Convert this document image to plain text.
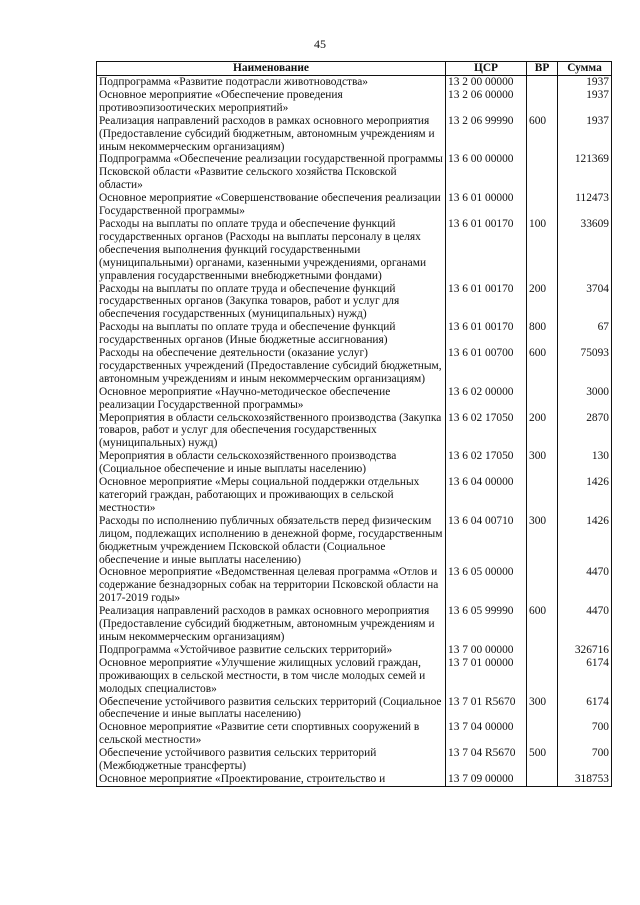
45
Наименование	ЦСР	ВР	Сумма
Подпрограмма «Развитие подотрасли животноводства»	13 2 00 00000		1937
Основное мероприятие «Обеспечение проведения противоэпизоотических мероприятий»	13 2 06 00000		1937
Реализация направлений расходов в рамках основного мероприятия (Предоставление субсидий бюджетным, автономным учреждениям и иным некоммерческим организациям)	13 2 06 99990	600	1937
Подпрограмма «Обеспечение реализации государственной программы Псковской области «Развитие сельского хозяйства Псковской области»	13 6 00 00000		121369
Основное мероприятие «Совершенствование обеспечения реализации Государственной программы»	13 6 01 00000		112473
Расходы на выплаты по оплате труда и обеспечение функций государственных органов (Расходы на выплаты персоналу в целях обеспечения выполнения функций государственными (муниципальными) органами, казенными учреждениями, органами управления государственными внебюджетными фондами)	13 6 01 00170	100	33609
Расходы на выплаты по оплате труда и обеспечение функций государственных органов (Закупка товаров, работ и услуг для обеспечения государственных (муниципальных) нужд)	13 6 01 00170	200	3704
Расходы на выплаты по оплате труда и обеспечение функций государственных органов (Иные бюджетные ассигнования)	13 6 01 00170	800	67
Расходы на обеспечение деятельности (оказание услуг) государственных учреждений (Предоставление субсидий бюджетным, автономным учреждениям и иным некоммерческим организациям)	13 6 01 00700	600	75093
Основное мероприятие «Научно-методическое обеспечение реализации Государственной программы»	13 6 02 00000		3000
Мероприятия в области сельскохозяйственного производства (Закупка товаров, работ и услуг для обеспечения государственных (муниципальных) нужд)	13 6 02 17050	200	2870
Мероприятия в области сельскохозяйственного производства (Социальное обеспечение и иные выплаты населению)	13 6 02 17050	300	130
Основное мероприятие «Меры социальной поддержки отдельных категорий граждан, работающих и проживающих в сельской местности»	13 6 04 00000		1426
Расходы по исполнению публичных обязательств перед физическим лицом, подлежащих исполнению в денежной форме, государственным бюджетным учреждением Псковской области (Социальное обеспечение и иные выплаты населению)	13 6 04 00710	300	1426
Основное мероприятие «Ведомственная целевая программа «Отлов и содержание безнадзорных собак на территории Псковской области на 2017-2019 годы»	13 6 05 00000		4470
Реализация направлений расходов в рамках основного мероприятия (Предоставление субсидий бюджетным, автономным учреждениям и иным некоммерческим организациям)	13 6 05 99990	600	4470
Подпрограмма «Устойчивое развитие сельских территорий»	13 7 00 00000		326716
Основное мероприятие «Улучшение жилищных условий граждан, проживающих в сельской местности, в том числе молодых семей и молодых специалистов»	13 7 01 00000		6174
Обеспечение устойчивого развития сельских территорий (Социальное обеспечение и иные выплаты населению)	13 7 01 R5670	300	6174
Основное мероприятие «Развитие сети спортивных сооружений в сельской местности»	13 7 04 00000		700
Обеспечение устойчивого развития сельских территорий (Межбюджетные трансферты)	13 7 04 R5670	500	700
Основное мероприятие «Проектирование, строительство и	13 7 09 00000		318753
